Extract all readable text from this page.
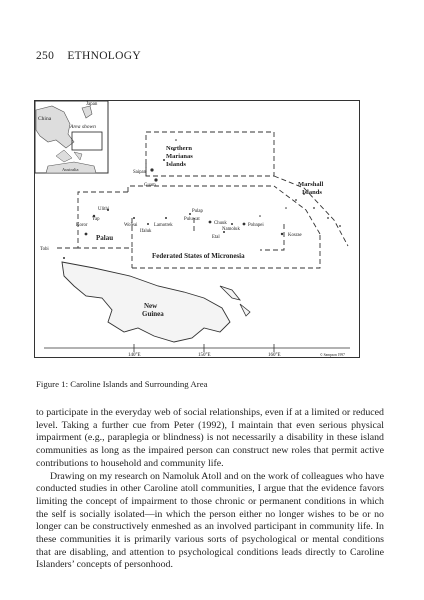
250 ETHNOLOGY
China
Japan
Area shown
Australia
Northern
Marianas
Islands
Marshall
Islands
Palau
Federated States of Micronesia
New
Guinea
Saipan
Guam
Ulithi
Yap
Koror	Woleai
Ifaluk
Lamotrek
Pulap
Puluwat
Chuuk
Namoluk
Etal
Pohnpei
Kosrae
Tobi
140°E	150°E	160°E	© Sampson 1997
Figure 1: Caroline Islands and Surrounding Area

to participate in the everyday web of social relationships, even if at a limited or reduced level. Taking a further cue from Peter (1992), I maintain that even serious physical impairment (e.g., paraplegia or blindness) is not necessarily a disability in these island communities as long as the impaired person can construct new roles that permit active contributions to household and community life.

Drawing on my research on Namoluk Atoll and on the work of colleagues who have conducted studies in other Caroline atoll communities, I argue that the evidence favors limiting the concept of impairment to those chronic or permanent conditions in which the self is socially isolated—in which the person either no longer wishes to be or no longer can be constructively enmeshed as an involved participant in community life. In these communities it is primarily various sorts of psychological or mental conditions that are disabling, and attention to psychological conditions leads directly to Caroline Islanders’ concepts of personhood.
